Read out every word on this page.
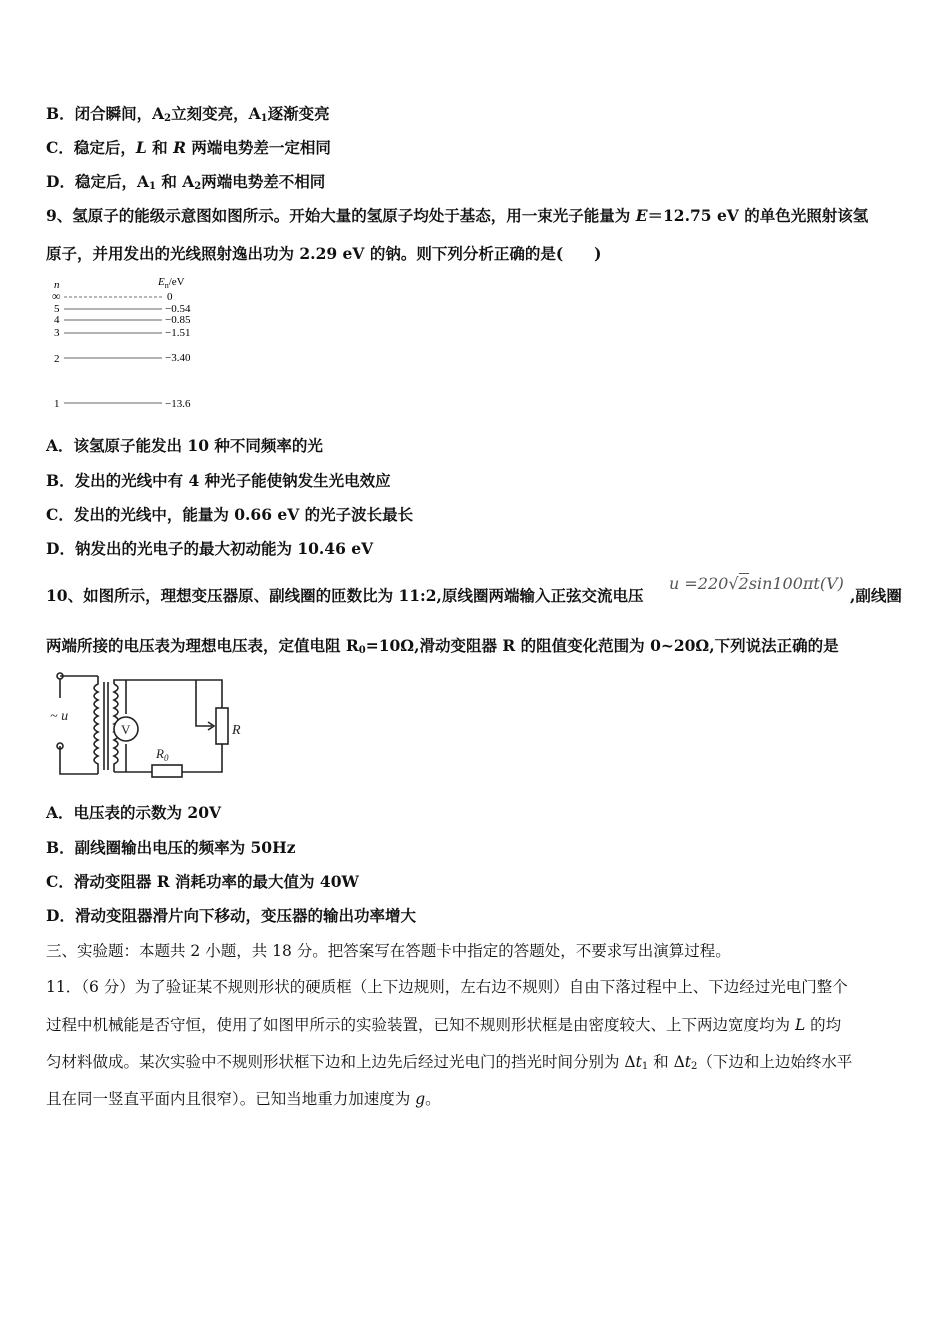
B．闭合瞬间，$A_2$立刻变亮，$A_1$逐渐变亮
C．稳定后，L 和 R 两端电势差一定相同
D．稳定后，$A_1$ 和 $A_2$两端电势差不相同
9、氢原子的能级示意图如图所示。开始大量的氢原子均处于基态，用一束光子能量为 E＝12.75 eV 的单色光照射该氢
原子，并用发出的光线照射逸出功为 2.29 eV 的钠。则下列分析正确的是(　　)
n	$E_n/eV$
∞	0
5	−0.54
4	−0.85
3	−1.51
2	−3.40
1	−13.6
A．该氢原子能发出 10 种不同频率的光
B．发出的光线中有 4 种光子能使钠发生光电效应
C．发出的光线中，能量为 0.66 eV 的光子波长最长
D．钠发出的光电子的最大初动能为 10.46 eV
10、如图所示，理想变压器原、副线圈的匝数比为 11:2,原线圈两端输入正弦交流电压
u =220√2sin100πt(V)
,副线圈
两端所接的电压表为理想电压表，定值电阻 $R_0=10\Omega$,滑动变阻器 R 的阻值变化范围为 0~20Ω,下列说法正确的是
~ u
V
$R_0$
R
A．电压表的示数为 20V
B．副线圈输出电压的频率为 50Hz
C．滑动变阻器 R 消耗功率的最大值为 40W
D．滑动变阻器滑片向下移动，变压器的输出功率增大
三、实验题：本题共 2 小题，共 18 分。把答案写在答题卡中指定的答题处，不要求写出演算过程。
11．（6 分）为了验证某不规则形状的硬质框（上下边规则，左右边不规则）自由下落过程中上、下边经过光电门整个
过程中机械能是否守恒，使用了如图甲所示的实验装置，已知不规则形状框是由密度较大、上下两边宽度均为 L 的均
匀材料做成。某次实验中不规则形状框下边和上边先后经过光电门的挡光时间分别为 $\Delta t_1$ 和 $\Delta t_2$（下边和上边始终水平
且在同一竖直平面内且很窄）。已知当地重力加速度为 g。
